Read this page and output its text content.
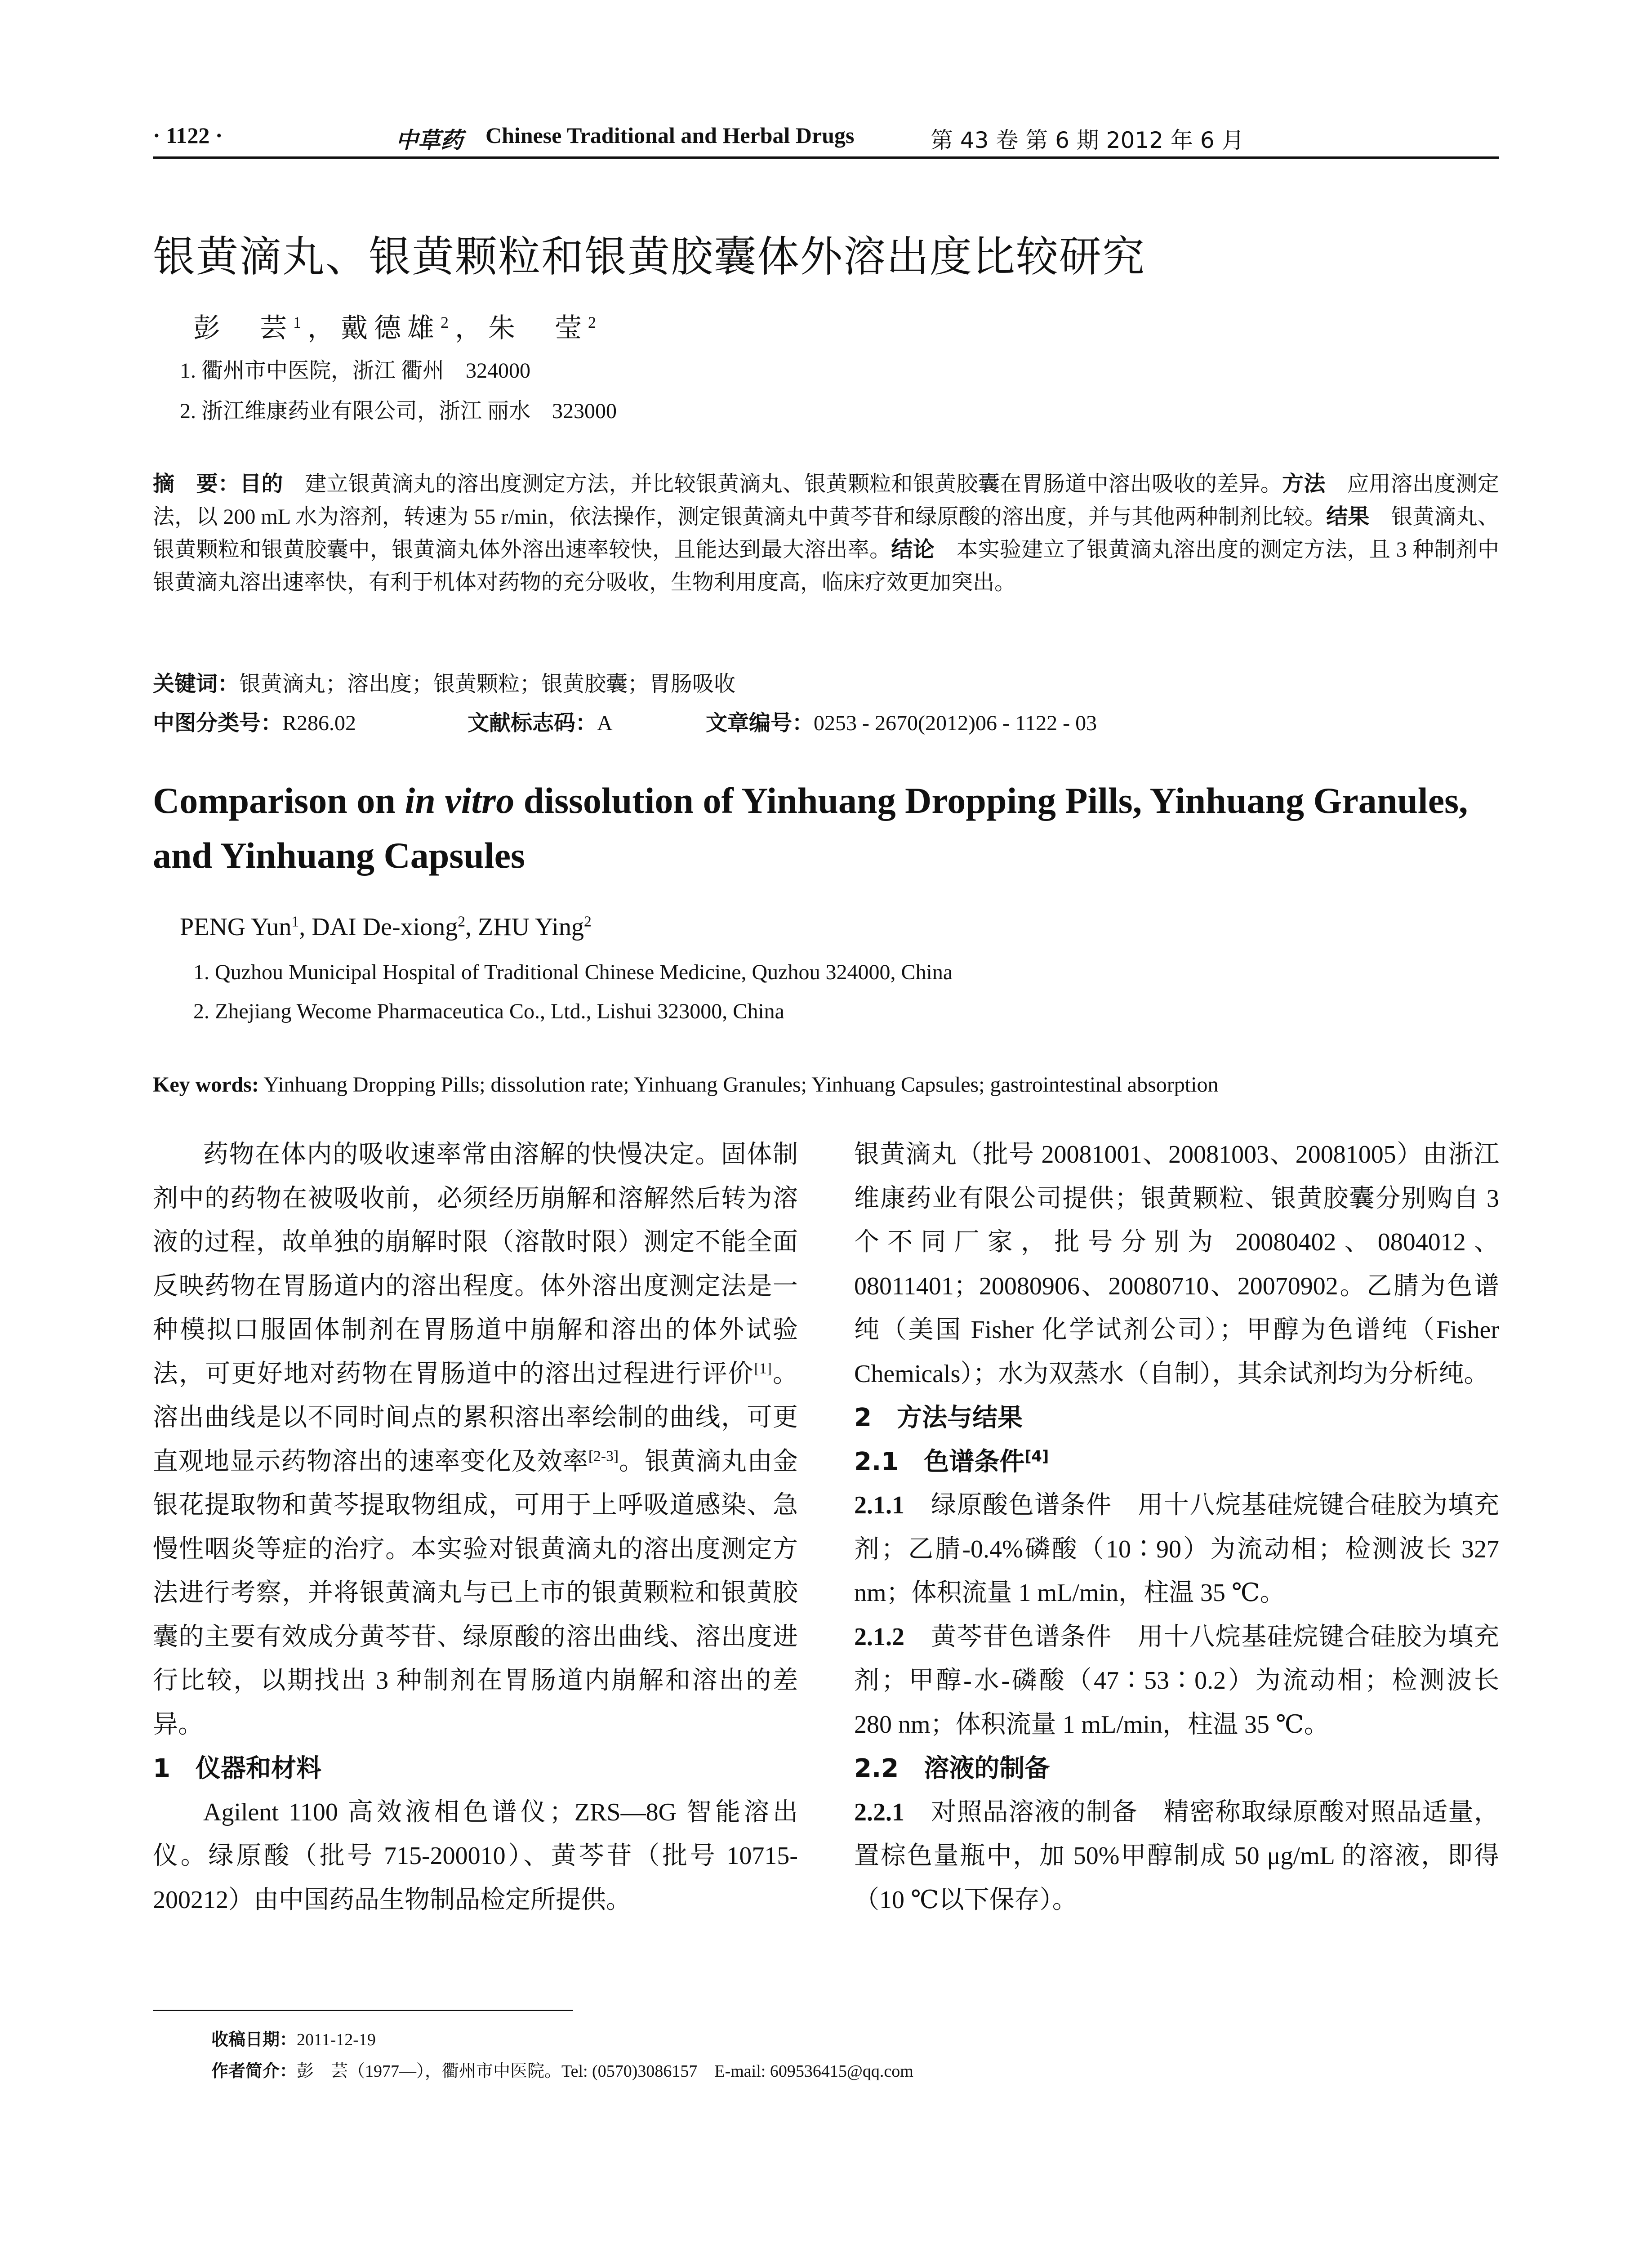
· 1122 ·	中草药 Chinese Traditional and Herbal Drugs	第 43 卷 第 6 期 2012 年 6 月
银黄滴丸、银黄颗粒和银黄胶囊体外溶出度比较研究
彭　芸$^1$，戴德雄$^2$，朱　莹$^2$
1. 衢州市中医院，浙江 衢州　324000
2. 浙江维康药业有限公司，浙江 丽水　323000
摘　要：目的　建立银黄滴丸的溶出度测定方法，并比较银黄滴丸、银黄颗粒和银黄胶囊在胃肠道中溶出吸收的差异。方法　应用溶出度测定法，以 200 mL 水为溶剂，转速为 55 r/min，依法操作，测定银黄滴丸中黄芩苷和绿原酸的溶出度，并与其他两种制剂比较。结果　银黄滴丸、银黄颗粒和银黄胶囊中，银黄滴丸体外溶出速率较快，且能达到最大溶出率。结论　本实验建立了银黄滴丸溶出度的测定方法，且 3 种制剂中银黄滴丸溶出速率快，有利于机体对药物的充分吸收，生物利用度高，临床疗效更加突出。
关键词：银黄滴丸；溶出度；银黄颗粒；银黄胶囊；胃肠吸收
中图分类号：R286.02	文献标志码：A	文章编号：0253 - 2670(2012)06 - 1122 - 03
Comparison on in vitro dissolution of Yinhuang Dropping Pills, Yinhuang Granules, and Yinhuang Capsules
PENG Yun$^1$, DAI De-xiong$^2$, ZHU Ying$^2$
1. Quzhou Municipal Hospital of Traditional Chinese Medicine, Quzhou 324000, China
2. Zhejiang Wecome Pharmaceutica Co., Ltd., Lishui 323000, China
Key words: Yinhuang Dropping Pills; dissolution rate; Yinhuang Granules; Yinhuang Capsules; gastrointestinal absorption

药物在体内的吸收速率常由溶解的快慢决定。固体制剂中的药物在被吸收前，必须经历崩解和溶解然后转为溶液的过程，故单独的崩解时限（溶散时限）测定不能全面反映药物在胃肠道内的溶出程度。体外溶出度测定法是一种模拟口服固体制剂在胃肠道中崩解和溶出的体外试验法，可更好地对药物在胃肠道中的溶出过程进行评价[1]。溶出曲线是以不同时间点的累积溶出率绘制的曲线，可更直观地显示药物溶出的速率变化及效率[2-3]。银黄滴丸由金银花提取物和黄芩提取物组成，可用于上呼吸道感染、急慢性咽炎等症的治疗。本实验对银黄滴丸的溶出度测定方法进行考察，并将银黄滴丸与已上市的银黄颗粒和银黄胶囊的主要有效成分黄芩苷、绿原酸的溶出曲线、溶出度进行比较，以期找出 3 种制剂在胃肠道内崩解和溶出的差异。

1　仪器和材料

Agilent 1100 高效液相色谱仪；ZRS—8G 智能溶出仪。绿原酸（批号 715-200010）、黄芩苷（批号 10715-200212）由中国药品生物制品检定所提供。

银黄滴丸（批号 20081001、20081003、20081005）由浙江维康药业有限公司提供；银黄颗粒、银黄胶囊分别购自 3 个不同厂家，批号分别为 20080402、0804012、08011401；20080906、20080710、20070902。乙腈为色谱纯（美国 Fisher 化学试剂公司）；甲醇为色谱纯（Fisher Chemicals）；水为双蒸水（自制），其余试剂均为分析纯。

2　方法与结果

2.1　色谱条件[4]

2.1.1　绿原酸色谱条件　用十八烷基硅烷键合硅胶为填充剂；乙腈-0.4%磷酸（10∶90）为流动相；检测波长 327 nm；体积流量 1 mL/min，柱温 35 ℃。

2.1.2　黄芩苷色谱条件　用十八烷基硅烷键合硅胶为填充剂；甲醇-水-磷酸（47∶53∶0.2）为流动相；检测波长 280 nm；体积流量 1 mL/min，柱温 35 ℃。

2.2　溶液的制备

2.2.1　对照品溶液的制备　精密称取绿原酸对照品适量，置棕色量瓶中，加 50%甲醇制成 50 μg/mL 的溶液，即得（10 ℃以下保存）。

收稿日期：2011-12-19
作者简介：彭　芸（1977—），衢州市中医院。Tel: (0570)3086157　E-mail: 609536415@qq.com
